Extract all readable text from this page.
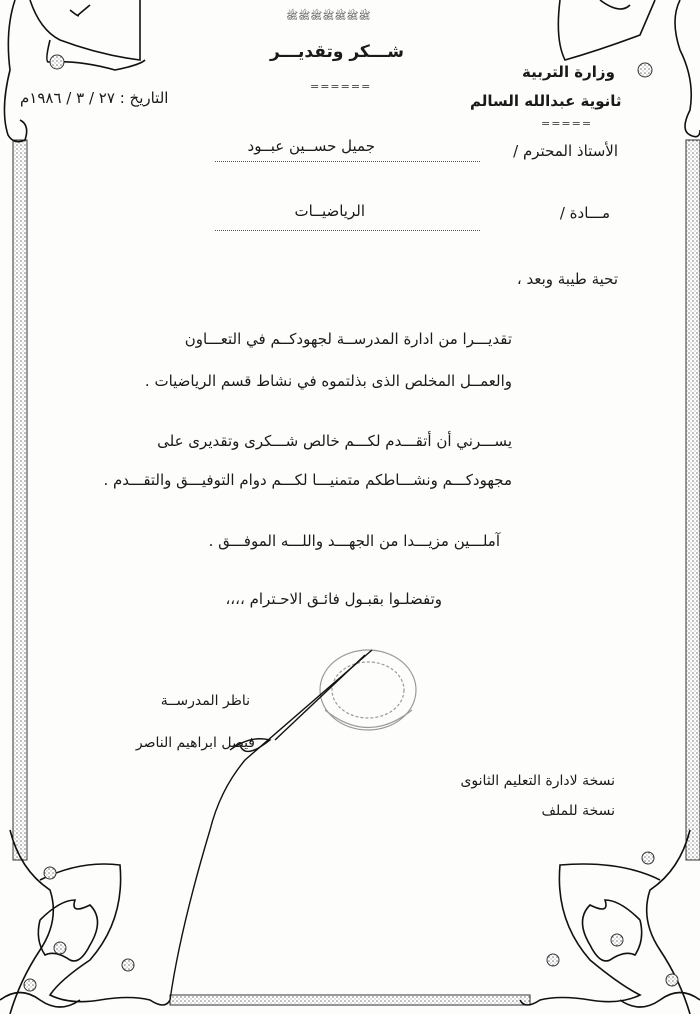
ﷺﷺﷺﷺﷺﷺﷺ
شـــكر وتقديـــر
======
التاريخ : ٢٧ / ٣ / ١٩٨٦م
وزارة التربية
ثانوية عبدالله السالم
=====
الأستاذ المحترم /
جميل حســين عبــود
مـــادة /
الرياضيــات
تحية طيبة وبعد ،
تقديـــرا من ادارة المدرســة لجهودكــم في التعـــاون
والعمــل المخلص الذى بذلتموه في نشاط قسم الرياضيات .
يســـرني أن أتقـــدم لكـــم خالص شـــكرى وتقديرى على
مجهودكـــم ونشـــاطكم متمنيـــا لكـــم دوام التوفيـــق والتقـــدم .
آملـــين مزيـــدا من الجهـــد واللـــه الموفـــق .
وتفضلـوا بقبـول فائـق الاحـترام ،،،،
ناظر المدرســة
فيصل ابراهيم الناصر
نسخة لادارة التعليم الثانوى
نسخة للملف
